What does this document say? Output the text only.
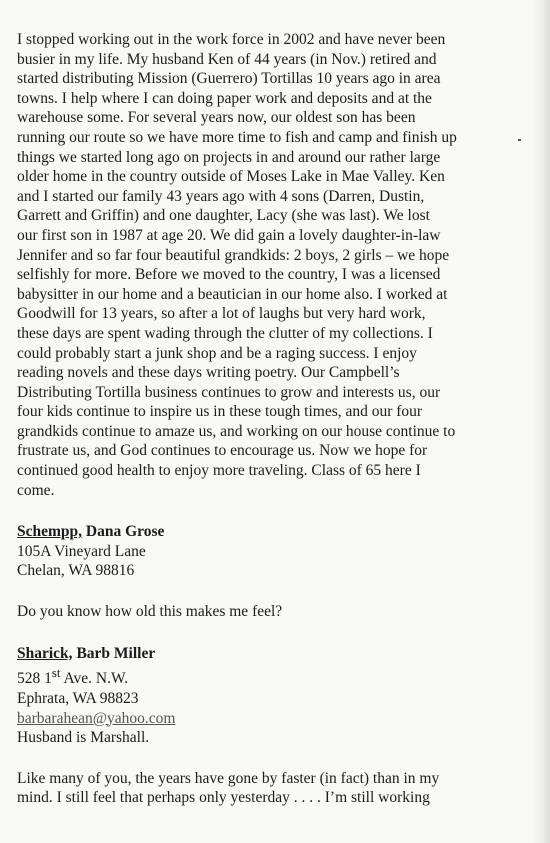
I stopped working out in the work force in 2002 and have never been
busier in my life. My husband Ken of 44 years (in Nov.) retired and
started distributing Mission (Guerrero) Tortillas 10 years ago in area
towns. I help where I can doing paper work and deposits and at the
warehouse some. For several years now, our oldest son has been
running our route so we have more time to fish and camp and finish up
things we started long ago on projects in and around our rather large
older home in the country outside of Moses Lake in Mae Valley. Ken
and I started our family 43 years ago with 4 sons (Darren, Dustin,
Garrett and Griffin) and one daughter, Lacy (she was last). We lost
our first son in 1987 at age 20. We did gain a lovely daughter-in-law
Jennifer and so far four beautiful grandkids: 2 boys, 2 girls – we hope
selfishly for more. Before we moved to the country, I was a licensed
babysitter in our home and a beautician in our home also. I worked at
Goodwill for 13 years, so after a lot of laughs but very hard work,
these days are spent wading through the clutter of my collections. I
could probably start a junk shop and be a raging success. I enjoy
reading novels and these days writing poetry. Our Campbell’s
Distributing Tortilla business continues to grow and interests us, our
four kids continue to inspire us in these tough times, and our four
grandkids continue to amaze us, and working on our house continue to
frustrate us, and God continues to encourage us. Now we hope for
continued good health to enjoy more traveling. Class of 65 here I
come.

Schempp, Dana Grose

105A Vineyard Lane

Chelan, WA 98816

Do you know how old this makes me feel?

Sharick, Barb Miller

528 1st Ave. N.W.

Ephrata, WA 98823

barbarahean@yahoo.com

Husband is Marshall.

Like many of you, the years have gone by faster (in fact) than in my
mind. I still feel that perhaps only yesterday . . . . I’m still working
